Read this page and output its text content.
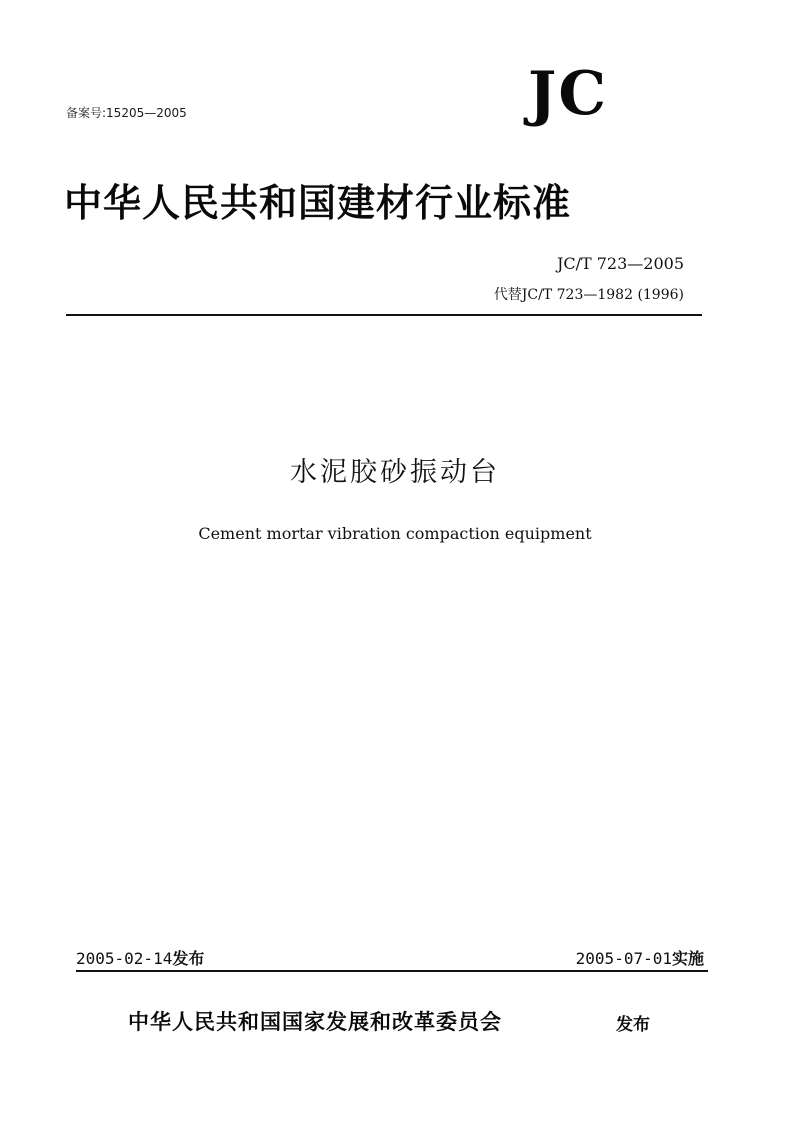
备案号:15205—2005	JC
中华人民共和国建材行业标准
JC/T 723—2005
代替JC/T 723—1982 (1996)
水泥胶砂振动台
Cement mortar vibration compaction equipment
2005-02-14发布	2005-07-01实施
中华人民共和国国家发展和改革委员会	发布
